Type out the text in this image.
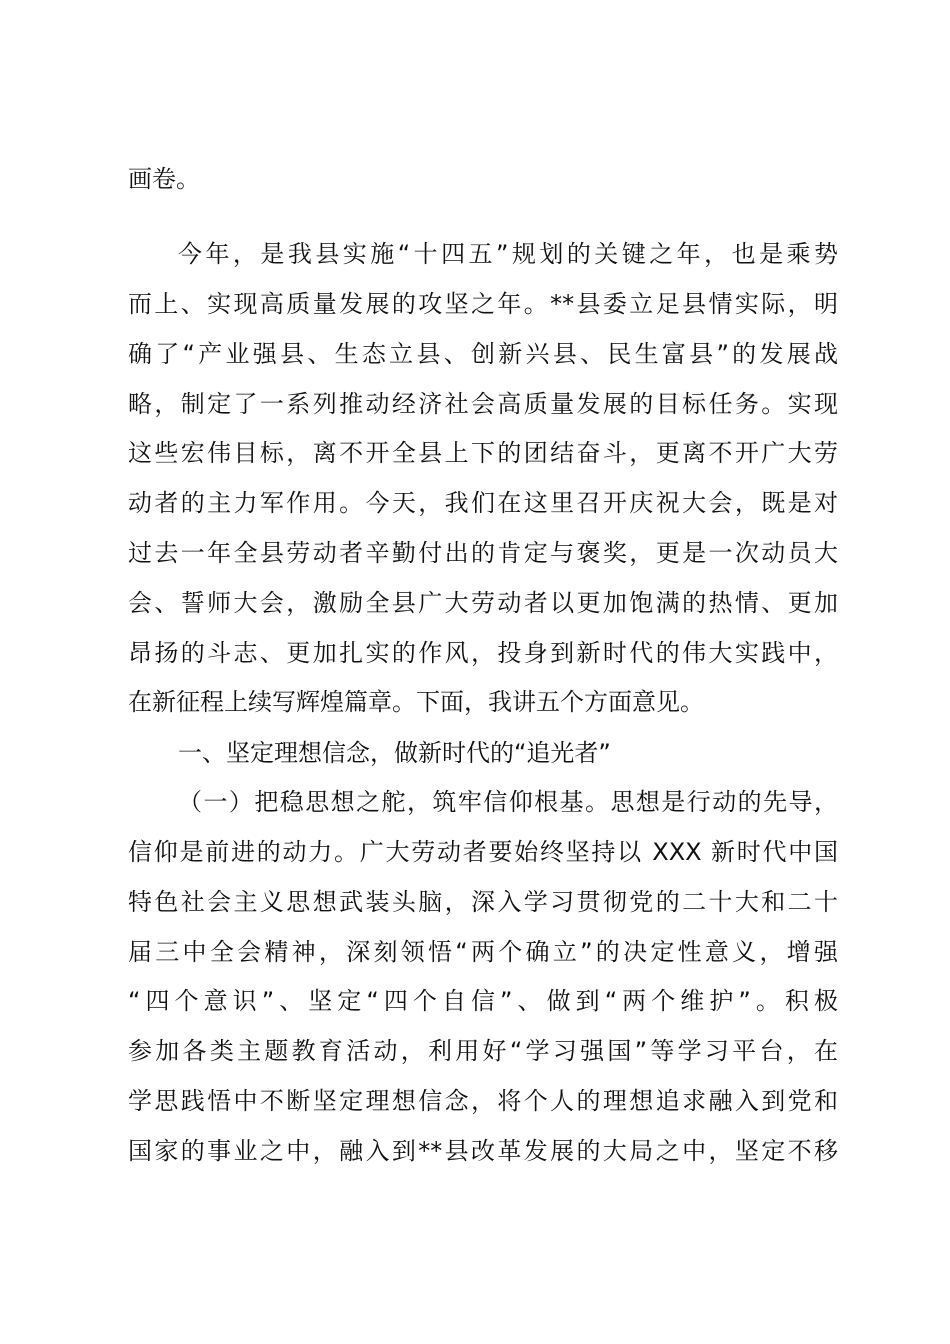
画卷。
今年，是我县实施“十四五”规划的关键之年，也是乘势
而上、实现高质量发展的攻坚之年。**县委立足县情实际，明
确了“产业强县、生态立县、创新兴县、民生富县”的发展战
略，制定了一系列推动经济社会高质量发展的目标任务。实现
这些宏伟目标，离不开全县上下的团结奋斗，更离不开广大劳
动者的主力军作用。今天，我们在这里召开庆祝大会，既是对
过去一年全县劳动者辛勤付出的肯定与褒奖，更是一次动员大
会、誓师大会，激励全县广大劳动者以更加饱满的热情、更加
昂扬的斗志、更加扎实的作风，投身到新时代的伟大实践中，
在新征程上续写辉煌篇章。下面，我讲五个方面意见。
一、坚定理想信念，做新时代的“追光者”
（一）把稳思想之舵，筑牢信仰根基。思想是行动的先导，
信仰是前进的动力。广大劳动者要始终坚持以 XXX 新时代中国
特色社会主义思想武装头脑，深入学习贯彻党的二十大和二十
届三中全会精神，深刻领悟“两个确立”的决定性意义，增强
“四个意识”、坚定“四个自信”、做到“两个维护”。积极
参加各类主题教育活动，利用好“学习强国”等学习平台，在
学思践悟中不断坚定理想信念，将个人的理想追求融入到党和
国家的事业之中，融入到**县改革发展的大局之中，坚定不移
